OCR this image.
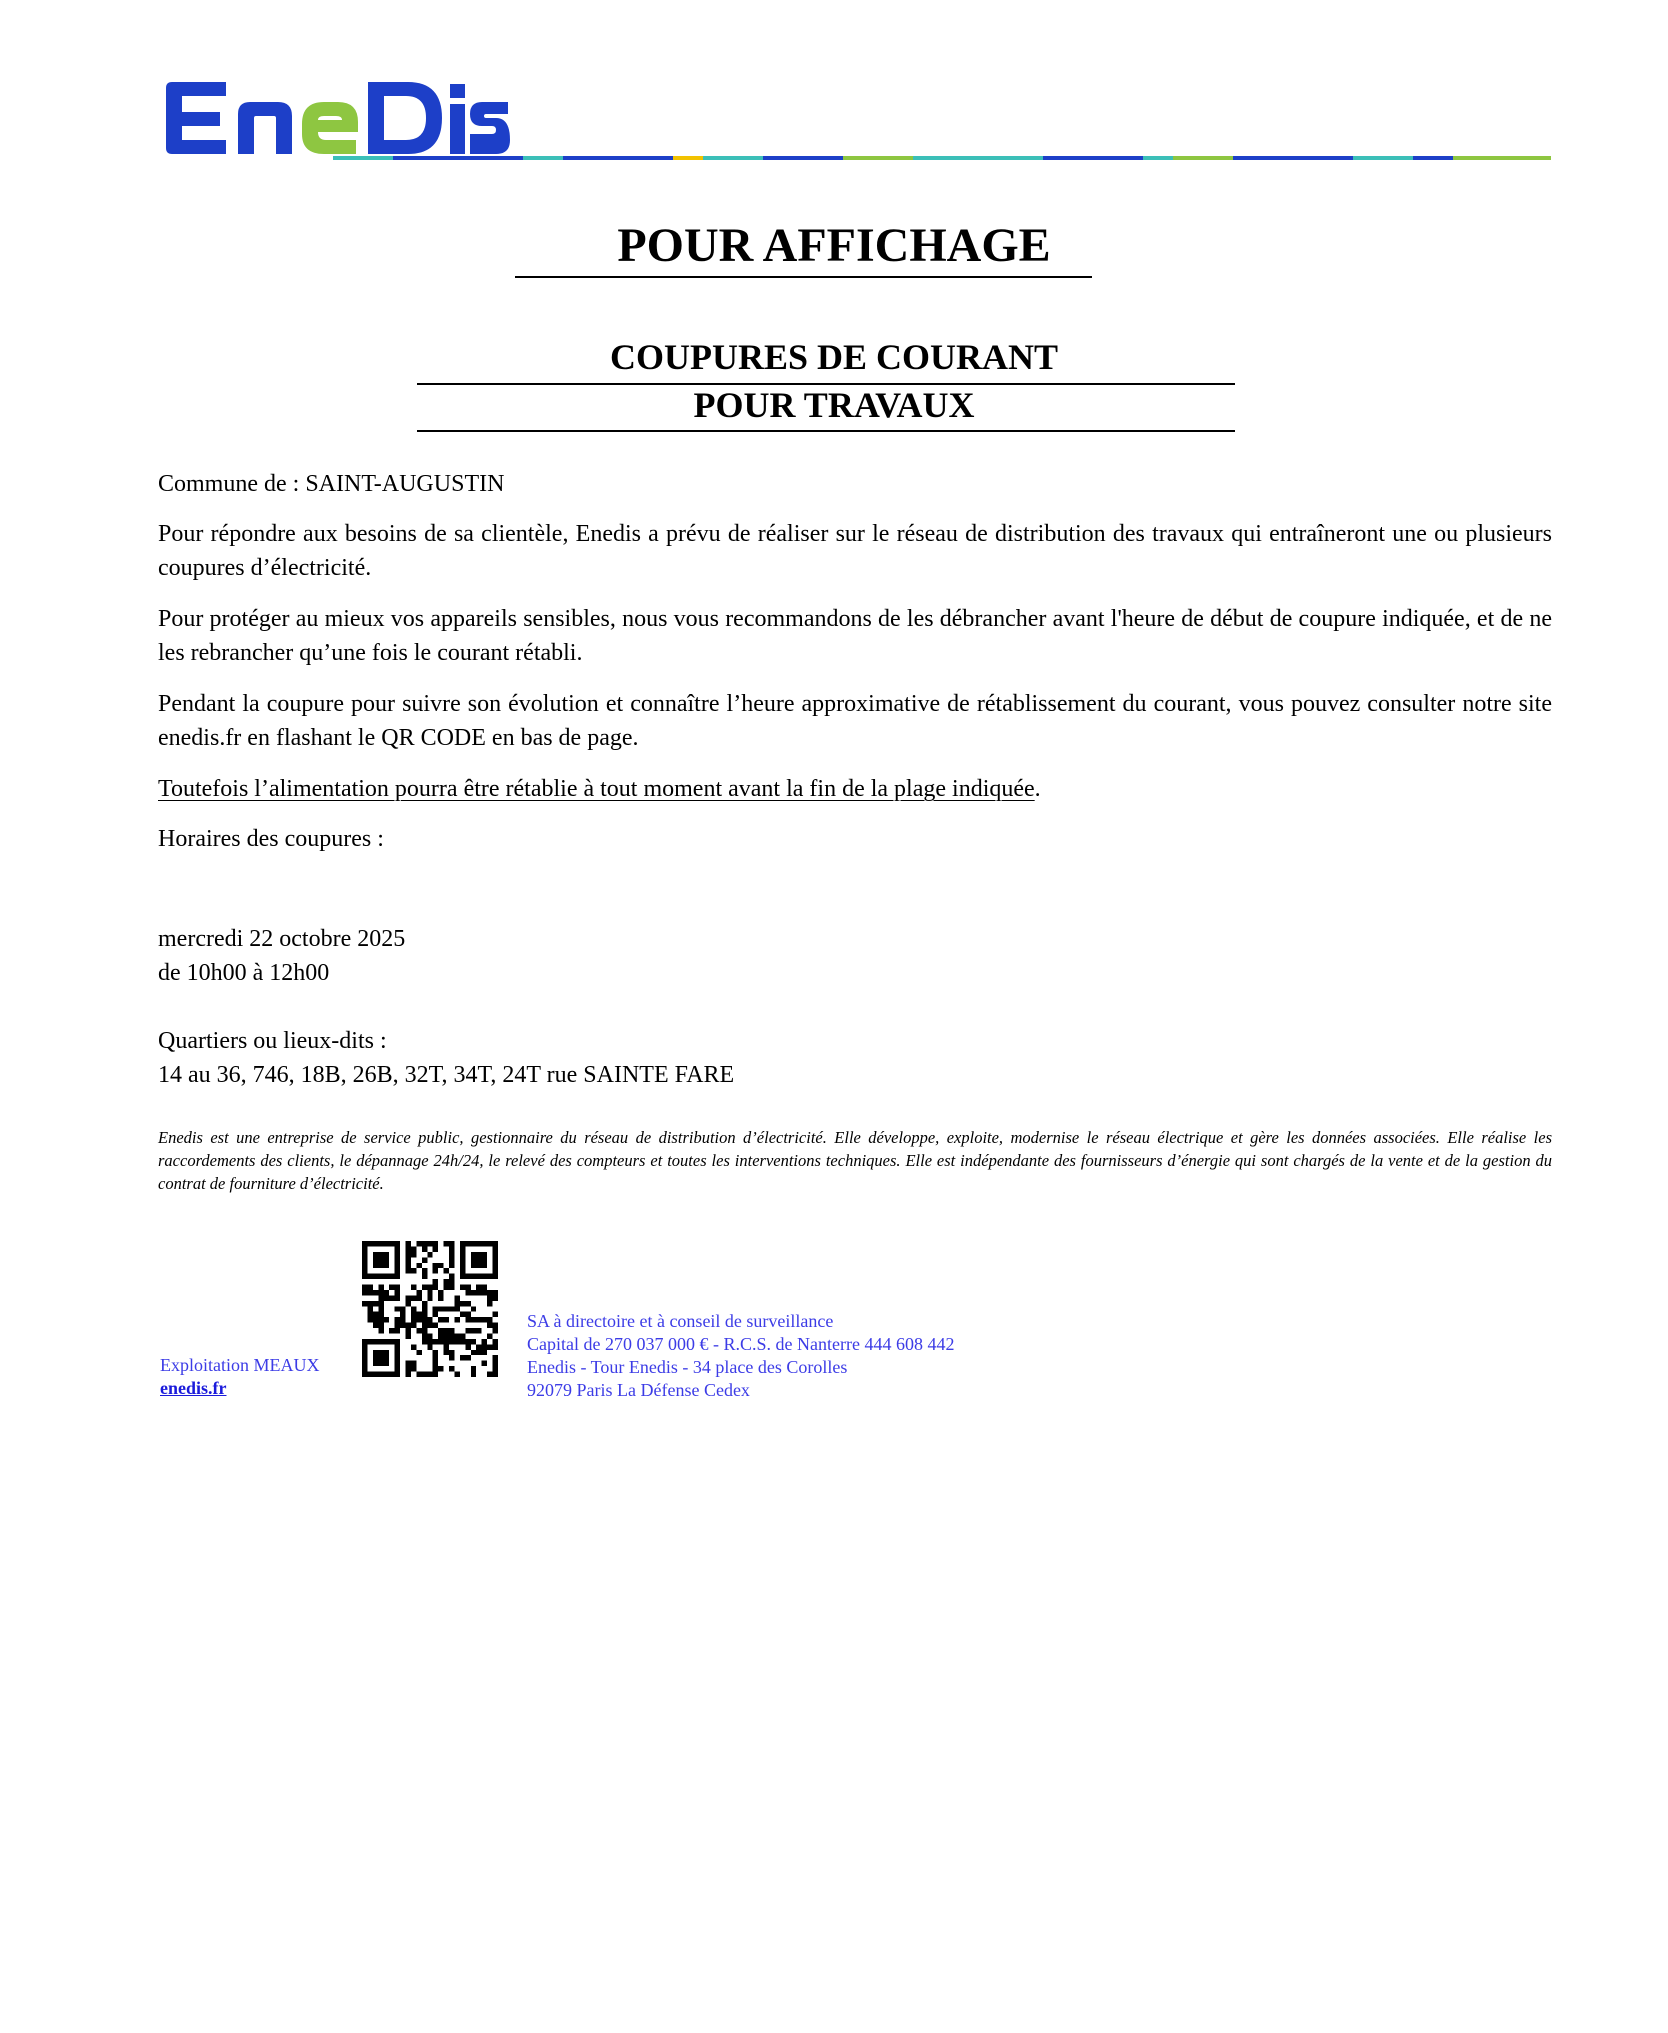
POUR AFFICHAGE
COUPURES DE COURANT
POUR TRAVAUX
Commune de : SAINT-AUGUSTIN
Pour répondre aux besoins de sa clientèle, Enedis a prévu de réaliser sur le réseau de distribution des travaux qui entraîneront une ou plusieurs coupures d’électricité.
Pour protéger au mieux vos appareils sensibles, nous vous recommandons de les débrancher avant l'heure de début de coupure indiquée, et de ne les rebrancher qu’une fois le courant rétabli.
Pendant la coupure pour suivre son évolution et connaître l’heure approximative de rétablissement du courant, vous pouvez consulter notre site enedis.fr en flashant le QR CODE en bas de page.
Toutefois l’alimentation pourra être rétablie à tout moment avant la fin de la plage indiquée.
Horaires des coupures :
mercredi 22 octobre 2025
de 10h00 à 12h00
Quartiers ou lieux-dits :
14 au 36, 746, 18B, 26B, 32T, 34T, 24T rue SAINTE FARE
Enedis est une entreprise de service public, gestionnaire du réseau de distribution d’électricité. Elle développe, exploite, modernise le réseau électrique et gère les données associées. Elle réalise les raccordements des clients, le dépannage 24h/24, le relevé des compteurs et toutes les interventions techniques. Elle est indépendante des fournisseurs d’énergie qui sont chargés de la vente et de la gestion du contrat de fourniture d’électricité.
Exploitation MEAUX
enedis.fr
SA à directoire et à conseil de surveillance
Capital de 270 037 000 € - R.C.S. de Nanterre 444 608 442
Enedis - Tour Enedis - 34 place des Corolles
92079 Paris La Défense Cedex
